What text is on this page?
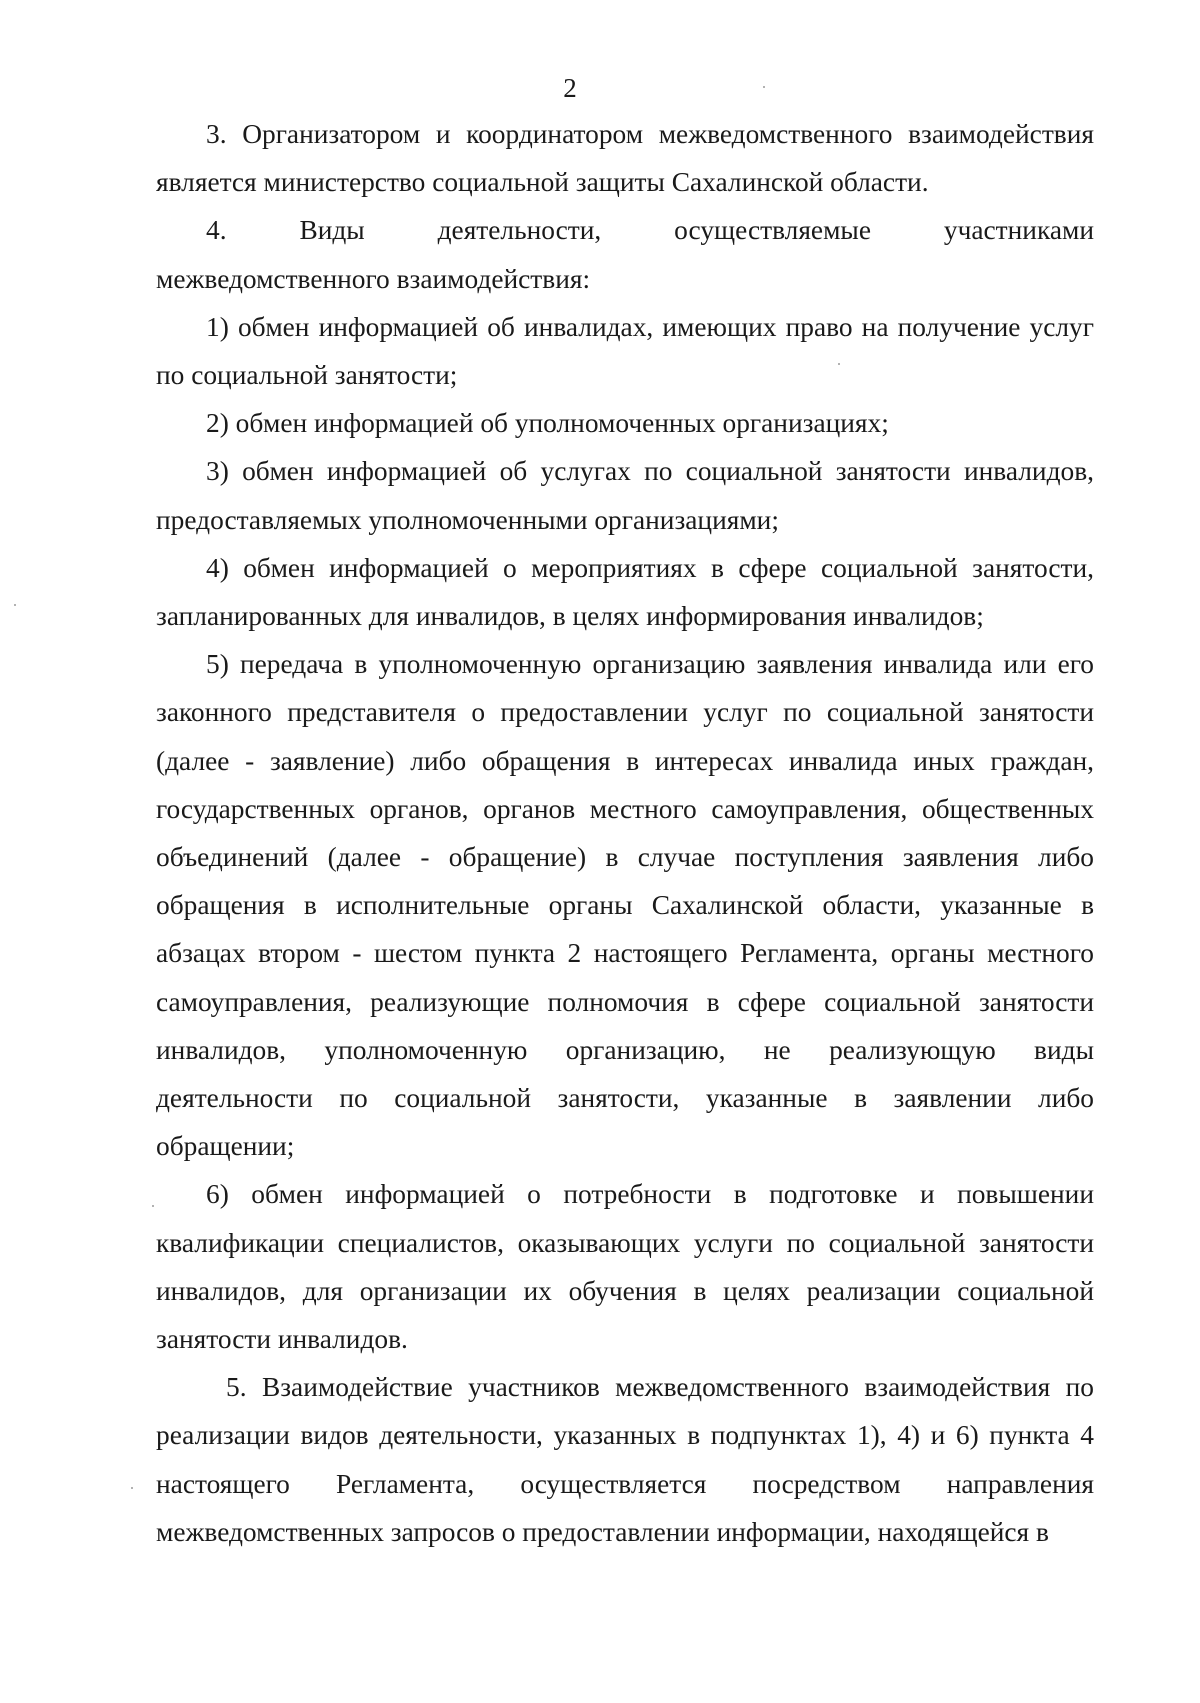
2

3. Организатором и координатором межведомственного взаимодействия является министерство социальной защиты Сахалинской области.

4. Виды деятельности, осуществляемые участниками

межведомственного взаимодействия:

1) обмен информацией об инвалидах, имеющих право на получение услуг по социальной занятости;

2) обмен информацией об уполномоченных организациях;

3) обмен информацией об услугах по социальной занятости инвалидов, предоставляемых уполномоченными организациями;

4) обмен информацией о мероприятиях в сфере социальной занятости, запланированных для инвалидов, в целях информирования инвалидов;

5) передача в уполномоченную организацию заявления инвалида или его законного представителя о предоставлении услуг по социальной занятости (далее - заявление) либо обращения в интересах инвалида иных граждан, государственных органов, органов местного самоуправления, общественных объединений (далее - обращение) в случае поступления заявления либо обращения в исполнительные органы Сахалинской области, указанные в абзацах втором - шестом пункта 2 настоящего Регламента, органы местного самоуправления, реализующие полномочия в сфере социальной занятости инвалидов, уполномоченную организацию, не реализующую виды деятельности по социальной занятости, указанные в заявлении либо обращении;

6) обмен информацией о потребности в подготовке и повышении квалификации специалистов, оказывающих услуги по социальной занятости инвалидов, для организации их обучения в целях реализации социальной занятости инвалидов.

5. Взаимодействие участников межведомственного взаимодействия по реализации видов деятельности, указанных в подпунктах 1), 4) и 6) пункта 4 настоящего Регламента, осуществляется посредством направления межведомственных запросов о предоставлении информации, находящейся в
